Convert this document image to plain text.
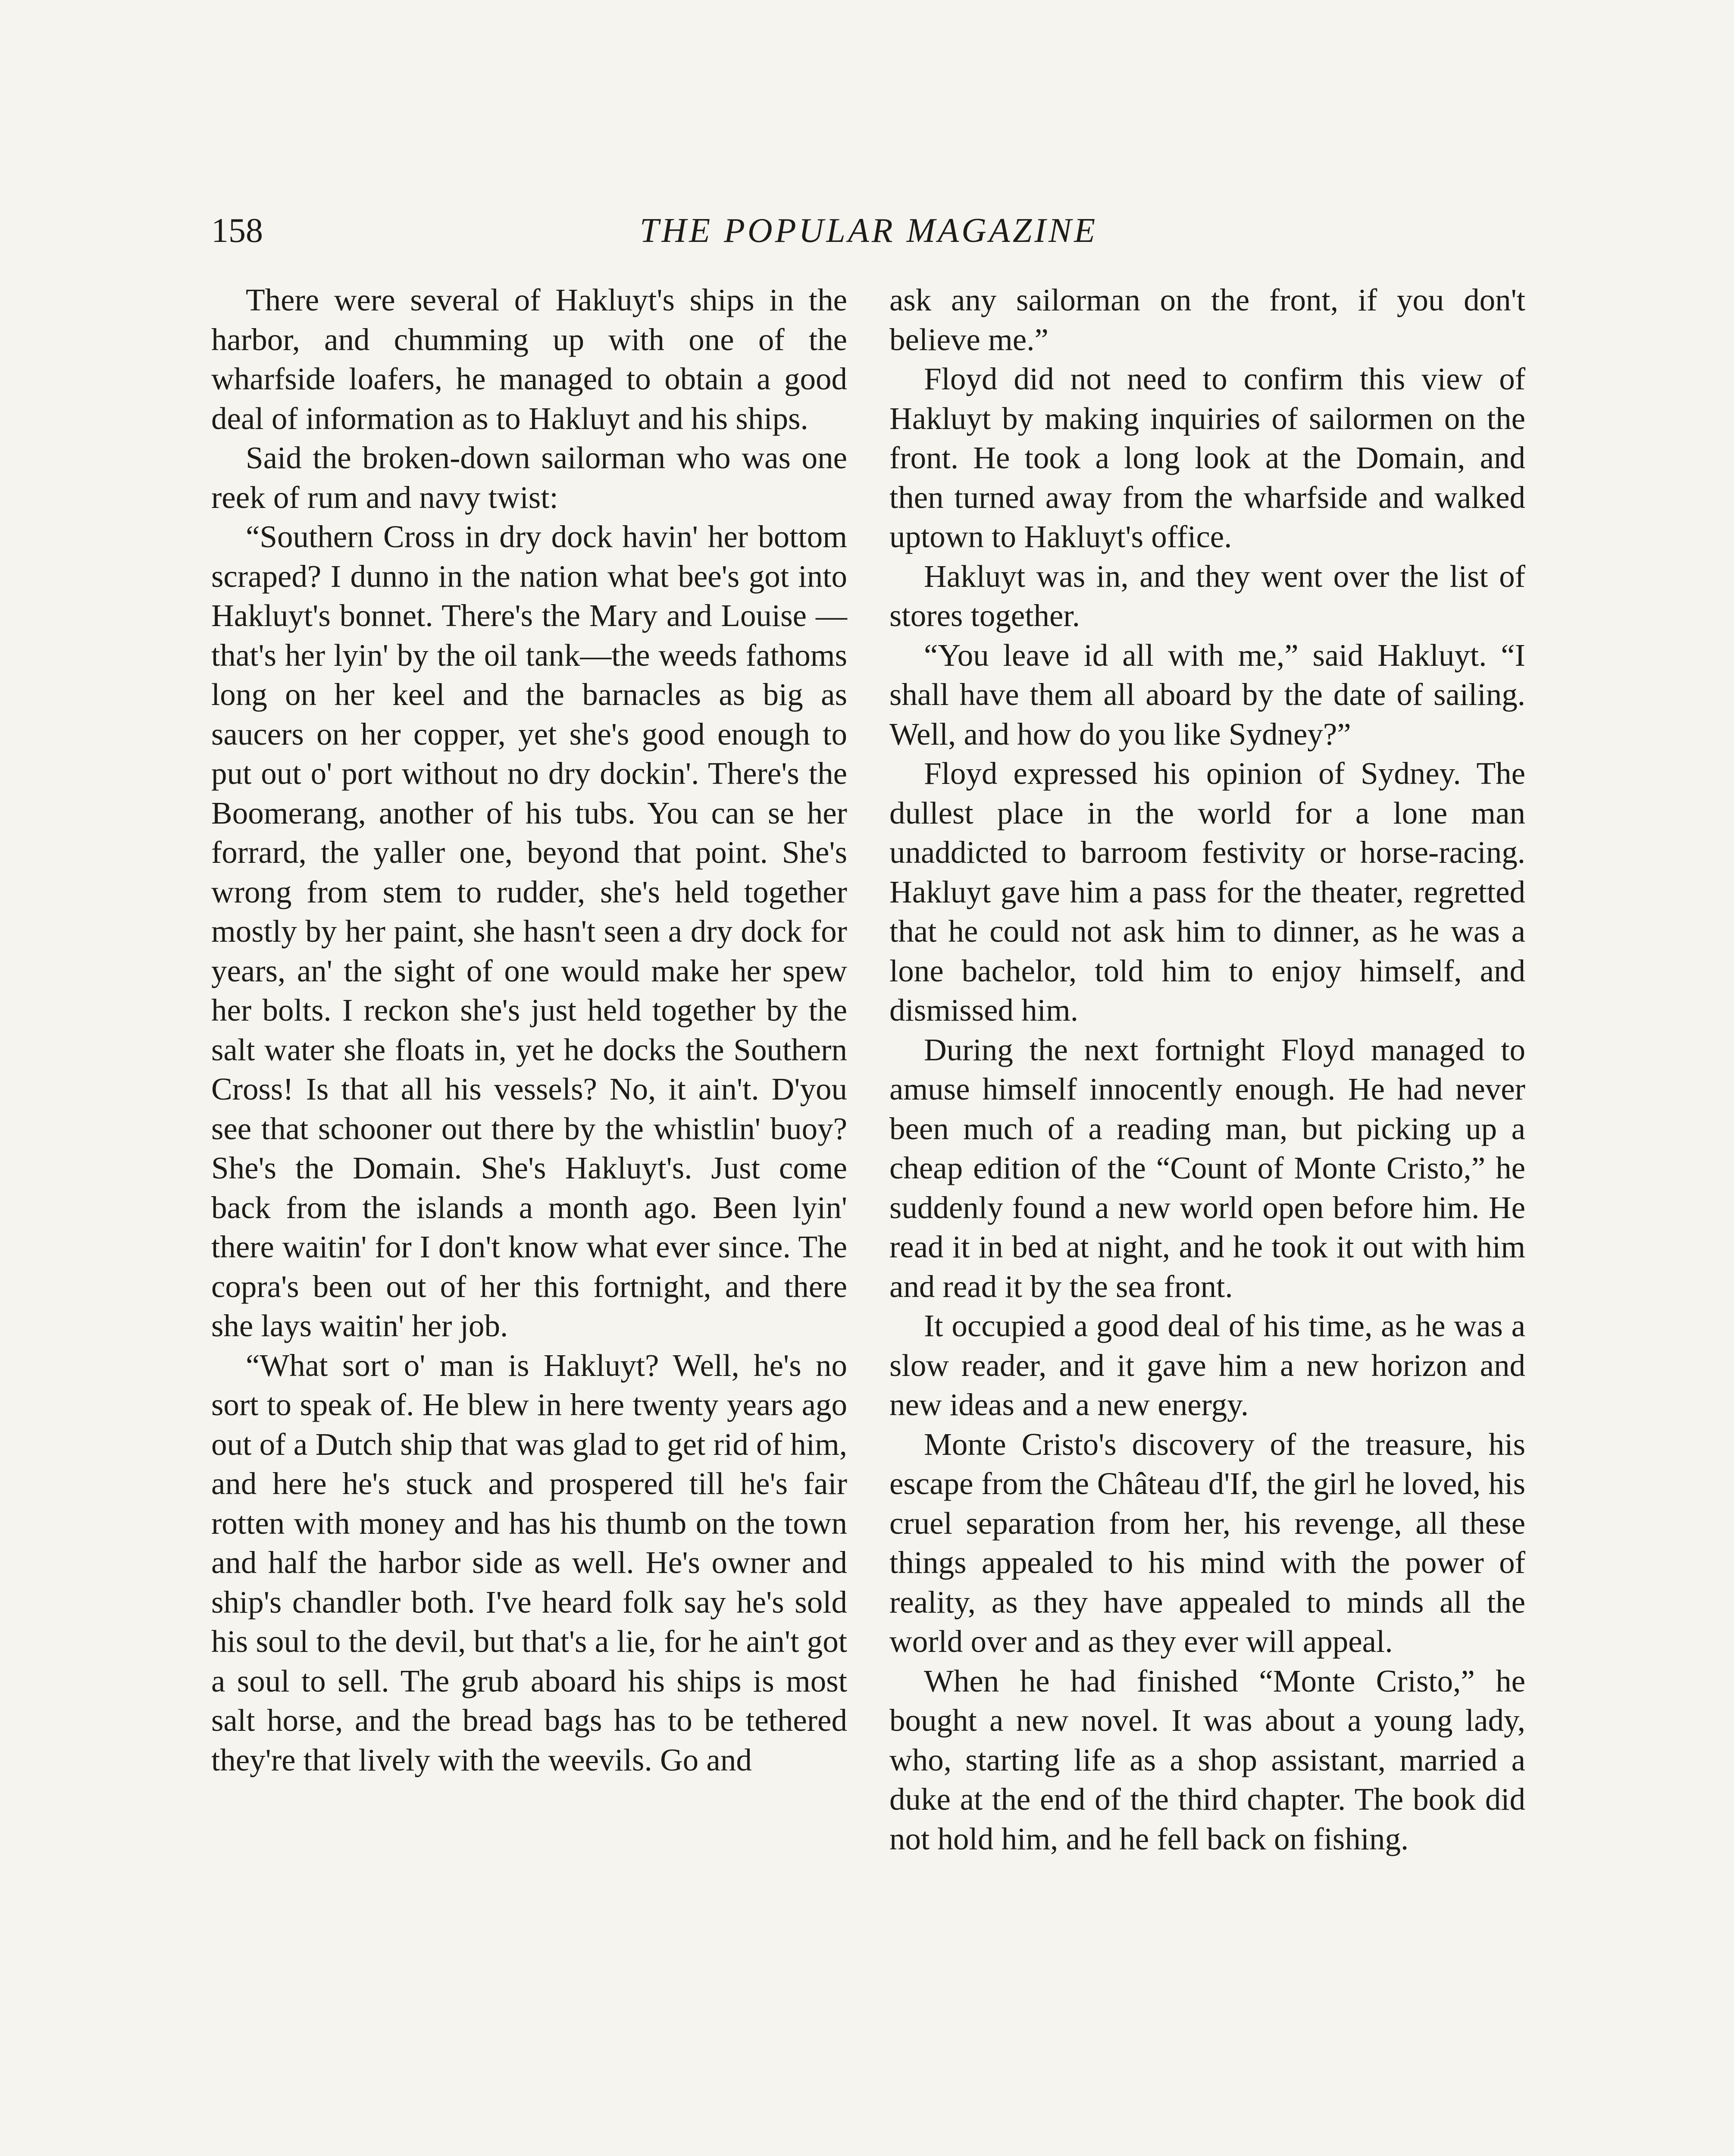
158	THE POPULAR MAGAZINE

There were several of Hakluyt's ships in the harbor, and chumming up with one of the wharfside loafers, he managed to obtain a good deal of information as to Hakluyt and his ships.

Said the broken-down sailorman who was one reek of rum and navy twist:

“Southern Cross in dry dock havin' her bottom scraped? I dunno in the nation what bee's got into Hakluyt's bonnet. There's the Mary and Louise —that's her lyin' by the oil tank—the weeds fathoms long on her keel and the barnacles as big as saucers on her copper, yet she's good enough to put out o' port without no dry dockin'. There's the Boomerang, another of his tubs. You can se her forrard, the yaller one, beyond that point. She's wrong from stem to rudder, she's held together mostly by her paint, she hasn't seen a dry dock for years, an' the sight of one would make her spew her bolts. I reckon she's just held together by the salt water she floats in, yet he docks the Southern Cross! Is that all his vessels? No, it ain't. D'you see that schooner out there by the whistlin' buoy? She's the Domain. She's Hakluyt's. Just come back from the islands a month ago. Been lyin' there waitin' for I don't know what ever since. The copra's been out of her this fortnight, and there she lays waitin' her job.

“What sort o' man is Hakluyt? Well, he's no sort to speak of. He blew in here twenty years ago out of a Dutch ship that was glad to get rid of him, and here he's stuck and prospered till he's fair rotten with money and has his thumb on the town and half the harbor side as well. He's owner and ship's chandler both. I've heard folk say he's sold his soul to the devil, but that's a lie, for he ain't got a soul to sell. The grub aboard his ships is most salt horse, and the bread bags has to be tethered they're that lively with the weevils. Go and

ask any sailorman on the front, if you don't believe me.”

Floyd did not need to confirm this view of Hakluyt by making inquiries of sailormen on the front. He took a long look at the Domain, and then turned away from the wharfside and walked uptown to Hakluyt's office.

Hakluyt was in, and they went over the list of stores together.

“You leave id all with me,” said Hakluyt. “I shall have them all aboard by the date of sailing. Well, and how do you like Sydney?”

Floyd expressed his opinion of Sydney. The dullest place in the world for a lone man unaddicted to barroom festivity or horse-racing. Hakluyt gave him a pass for the theater, regretted that he could not ask him to dinner, as he was a lone bachelor, told him to enjoy himself, and dismissed him.

During the next fortnight Floyd managed to amuse himself innocently enough. He had never been much of a reading man, but picking up a cheap edition of the “Count of Monte Cristo,” he suddenly found a new world open before him. He read it in bed at night, and he took it out with him and read it by the sea front.

It occupied a good deal of his time, as he was a slow reader, and it gave him a new horizon and new ideas and a new energy.

Monte Cristo's discovery of the treasure, his escape from the Château d'If, the girl he loved, his cruel separation from her, his revenge, all these things appealed to his mind with the power of reality, as they have appealed to minds all the world over and as they ever will appeal.

When he had finished “Monte Cristo,” he bought a new novel. It was about a young lady, who, starting life as a shop assistant, married a duke at the end of the third chapter. The book did not hold him, and he fell back on fishing.
